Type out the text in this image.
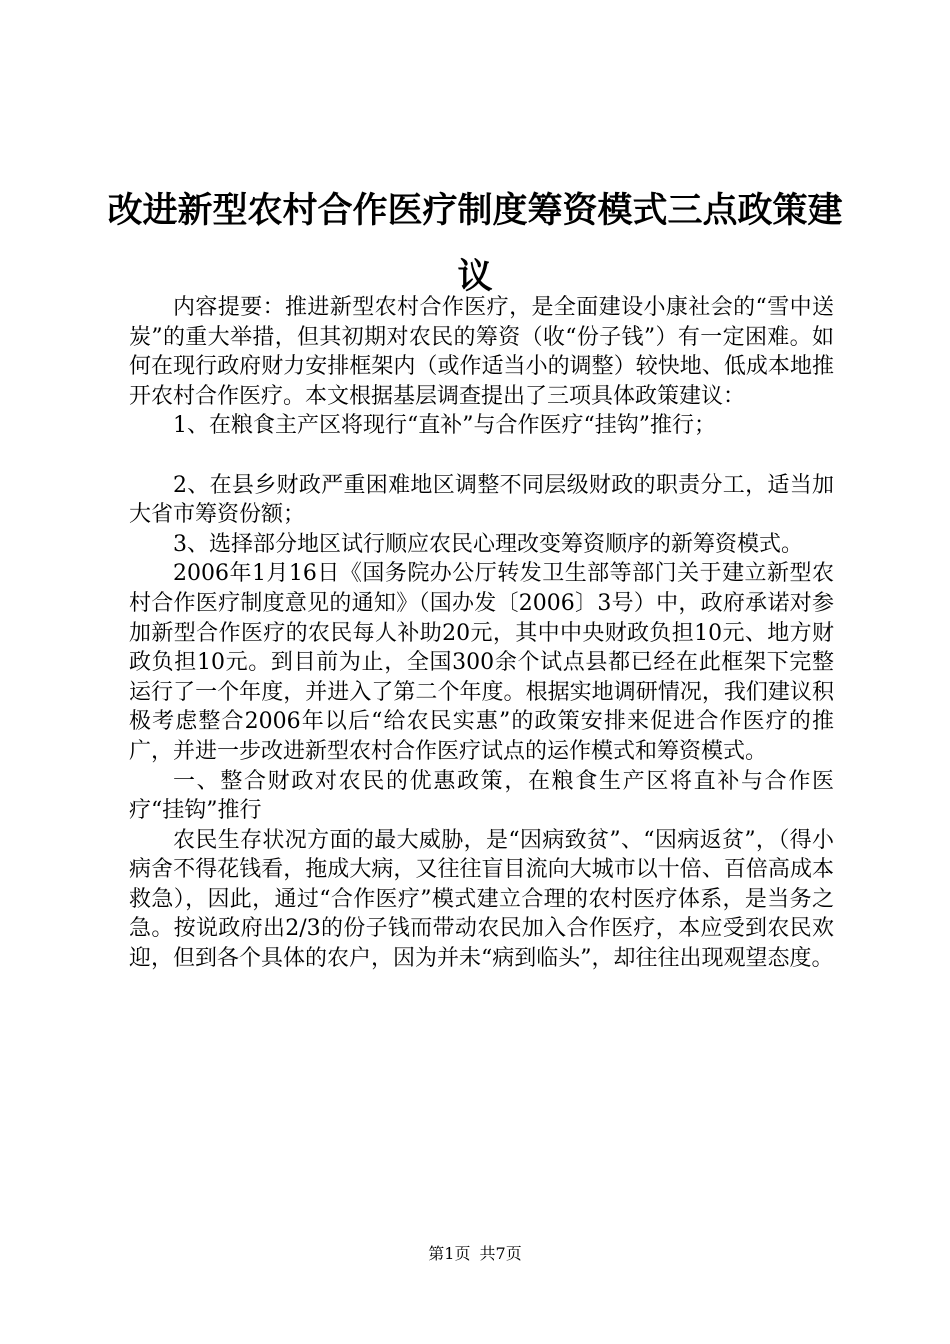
改进新型农村合作医疗制度筹资模式三点政策建议

内容提要：推进新型农村合作医疗，是全面建设小康社会的“雪中送炭”的重大举措，但其初期对农民的筹资（收“份子钱”）有一定困难。如何在现行政府财力安排框架内（或作适当小的调整）较快地、低成本地推开农村合作医疗。本文根据基层调查提出了三项具体政策建议：

1、在粮食主产区将现行“直补”与合作医疗“挂钩”推行；

2、在县乡财政严重困难地区调整不同层级财政的职责分工，适当加大省市筹资份额；

3、选择部分地区试行顺应农民心理改变筹资顺序的新筹资模式。

2006年1月16日《国务院办公厅转发卫生部等部门关于建立新型农村合作医疗制度意见的通知》（国办发〔2006〕3号）中，政府承诺对参加新型合作医疗的农民每人补助20元，其中中央财政负担10元、地方财政负担10元。到目前为止，全国300余个试点县都已经在此框架下完整运行了一个年度，并进入了第二个年度。根据实地调研情况，我们建议积极考虑整合2006年以后“给农民实惠”的政策安排来促进合作医疗的推广，并进一步改进新型农村合作医疗试点的运作模式和筹资模式。

一、整合财政对农民的优惠政策，在粮食生产区将直补与合作医疗“挂钩”推行

农民生存状况方面的最大威胁，是“因病致贫”、“因病返贫”，（得小病舍不得花钱看，拖成大病，又往往盲目流向大城市以十倍、百倍高成本救急），因此，通过“合作医疗”模式建立合理的农村医疗体系，是当务之急。按说政府出2/3的份子钱而带动农民加入合作医疗，本应受到农民欢迎，但到各个具体的农户，因为并未“病到临头”，却往往出现观望态度。

第1页 共7页
